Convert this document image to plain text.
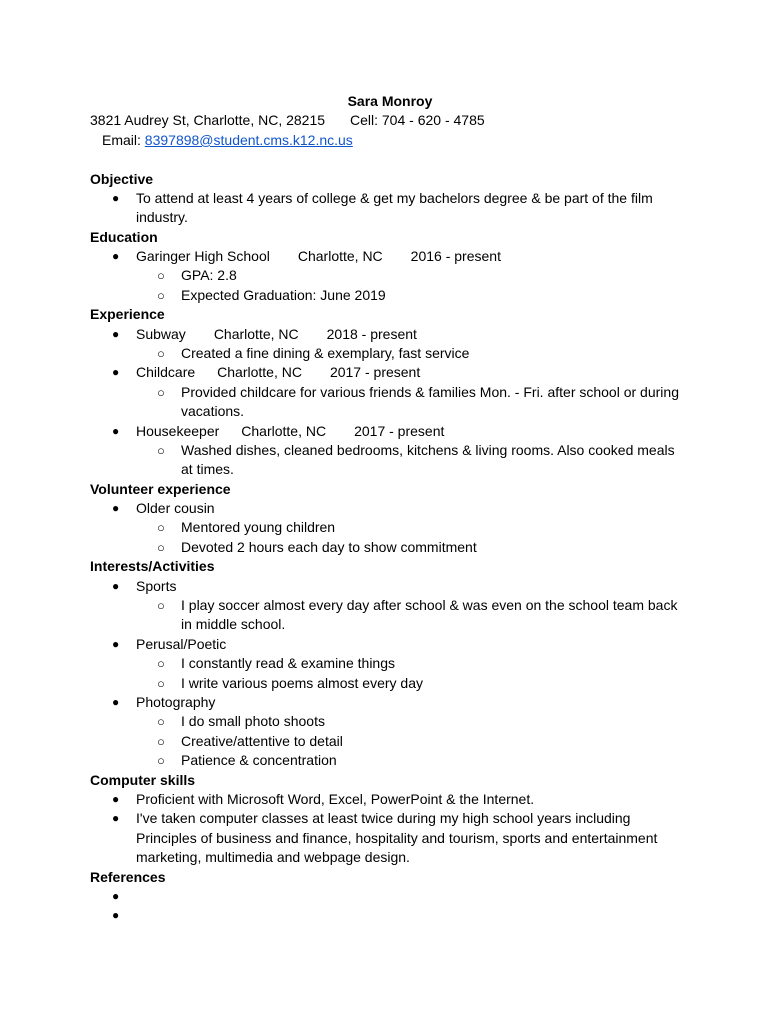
Sara Monroy
3821 Audrey St, Charlotte, NC, 28215 Cell: 704 - 620 - 4785
Email: 8397898@student.cms.k12.nc.us
Objective
● To attend at least 4 years of college & get my bachelors degree & be part of the film
industry.
Education
● Garinger High School Charlotte, NC 2016 - present
○ GPA: 2.8
○ Expected Graduation: June 2019
Experience
● Subway Charlotte, NC 2018 - present
○ Created a fine dining & exemplary, fast service
● Childcare Charlotte, NC 2017 - present
○ Provided childcare for various friends & families Mon. - Fri. after school or during
vacations.
● Housekeeper Charlotte, NC 2017 - present
○ Washed dishes, cleaned bedrooms, kitchens & living rooms. Also cooked meals
at times.
Volunteer experience
● Older cousin
○ Mentored young children
○ Devoted 2 hours each day to show commitment
Interests/Activities
● Sports
○ I play soccer almost every day after school & was even on the school team back
in middle school.
● Perusal/Poetic
○ I constantly read & examine things
○ I write various poems almost every day
● Photography
○ I do small photo shoots
○ Creative/attentive to detail
○ Patience & concentration
Computer skills
● Proficient with Microsoft Word, Excel, PowerPoint & the Internet.
● I've taken computer classes at least twice during my high school years including
Principles of business and finance, hospitality and tourism, sports and entertainment
marketing, multimedia and webpage design.
References
●
●
